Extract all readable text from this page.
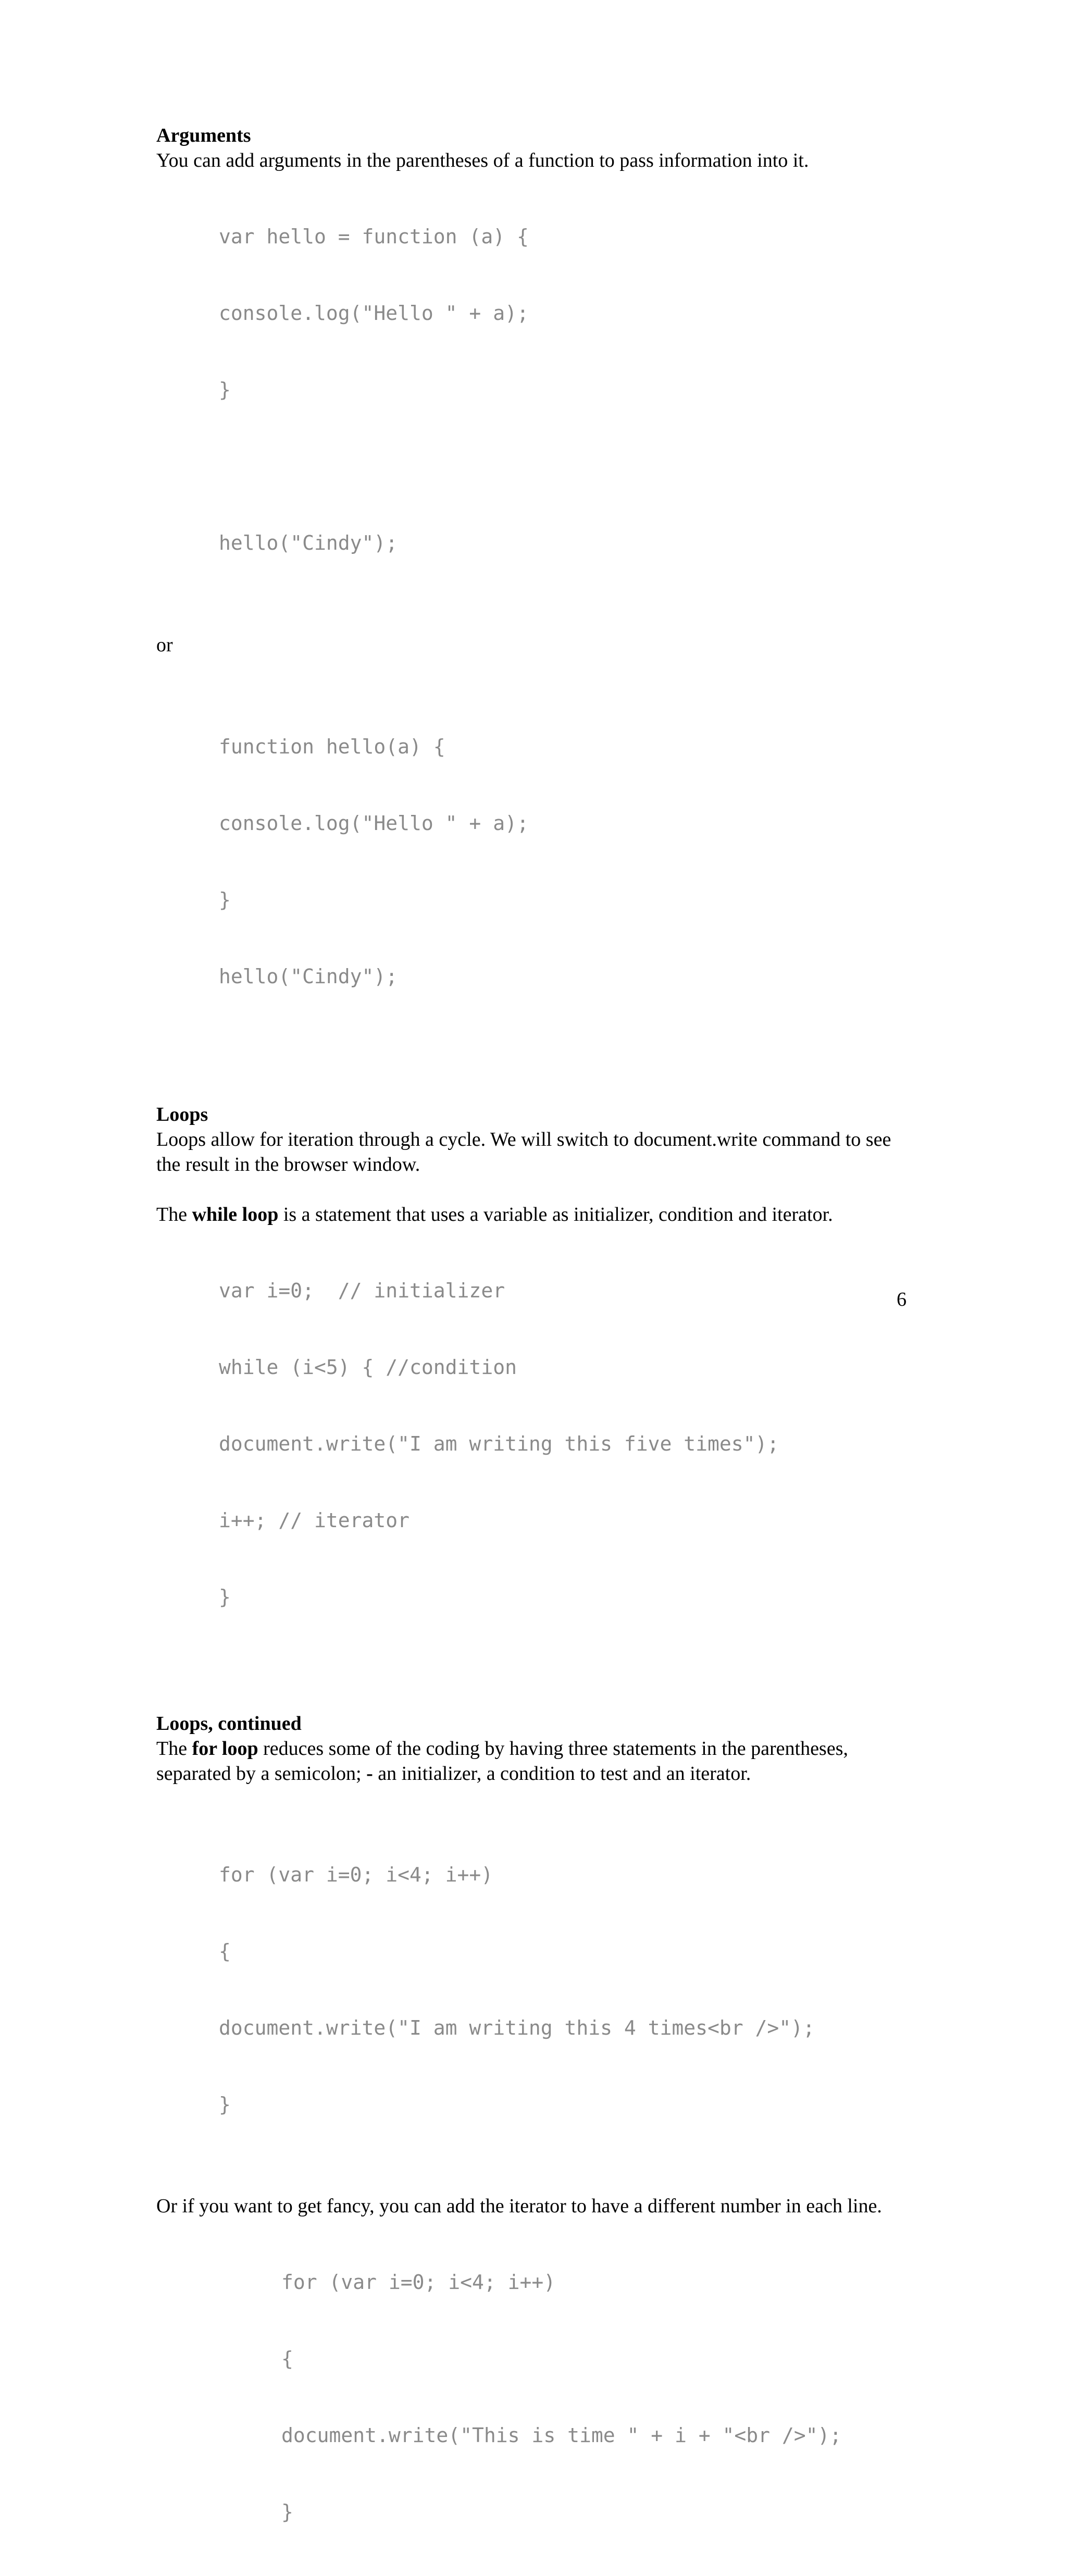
Arguments

You can add arguments in the parentheses of a function to pass information into it.

var hello = function (a) {

console.log("Hello " + a);

}

hello("Cindy");

or

function hello(a) {

console.log("Hello " + a);

}

hello("Cindy");

Loops

Loops allow for iteration through a cycle. We will switch to document.write command to see the result in the browser window.

The while loop is a statement that uses a variable as initializer, condition and iterator.

var i=0;  // initializer

while (i<5) { //condition

document.write("I am writing this five times");

i++; // iterator

}

Loops, continued

The for loop reduces some of the coding by having three statements in the parentheses, separated by a semicolon; - an initializer, a condition to test and an iterator.

for (var i=0; i<4; i++)

{

document.write("I am writing this 4 times<br />");

}

Or if you want to get fancy, you can add the iterator to have a different number in each line.

for (var i=0; i<4; i++)

{

document.write("This is time " + i + "<br />");

}

6
